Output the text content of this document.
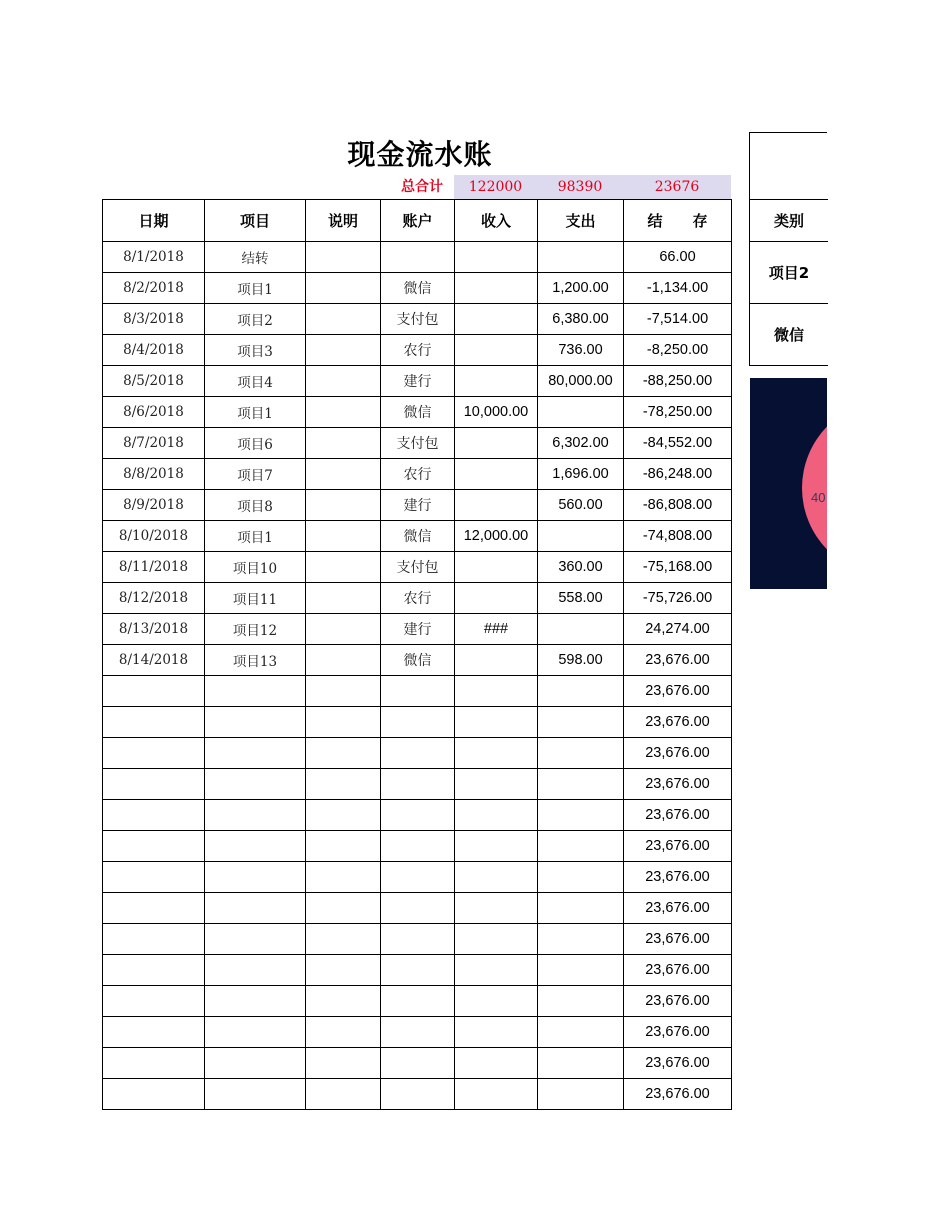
现金流水账
总合计	122000	98390	23676
日期	项目	说明	账户	收入	支出	结　　存
8/1/2018	结转					66.00
8/2/2018	项目1		微信		1,200.00	-1,134.00
8/3/2018	项目2		支付包		6,380.00	-7,514.00
8/4/2018	项目3		农行		736.00	-8,250.00
8/5/2018	项目4		建行		80,000.00	-88,250.00
8/6/2018	项目1		微信	10,000.00		-78,250.00
8/7/2018	项目6		支付包		6,302.00	-84,552.00
8/8/2018	项目7		农行		1,696.00	-86,248.00
8/9/2018	项目8		建行		560.00	-86,808.00
8/10/2018	项目1		微信	12,000.00		-74,808.00
8/11/2018	项目10		支付包		360.00	-75,168.00
8/12/2018	项目11		农行		558.00	-75,726.00
8/13/2018	项目12		建行	###		24,274.00
8/14/2018	项目13		微信		598.00	23,676.00
						23,676.00
						23,676.00
						23,676.00
						23,676.00
						23,676.00
						23,676.00
						23,676.00
						23,676.00
						23,676.00
						23,676.00
						23,676.00
						23,676.00
						23,676.00
						23,676.00
类别
项目2
微信
40
